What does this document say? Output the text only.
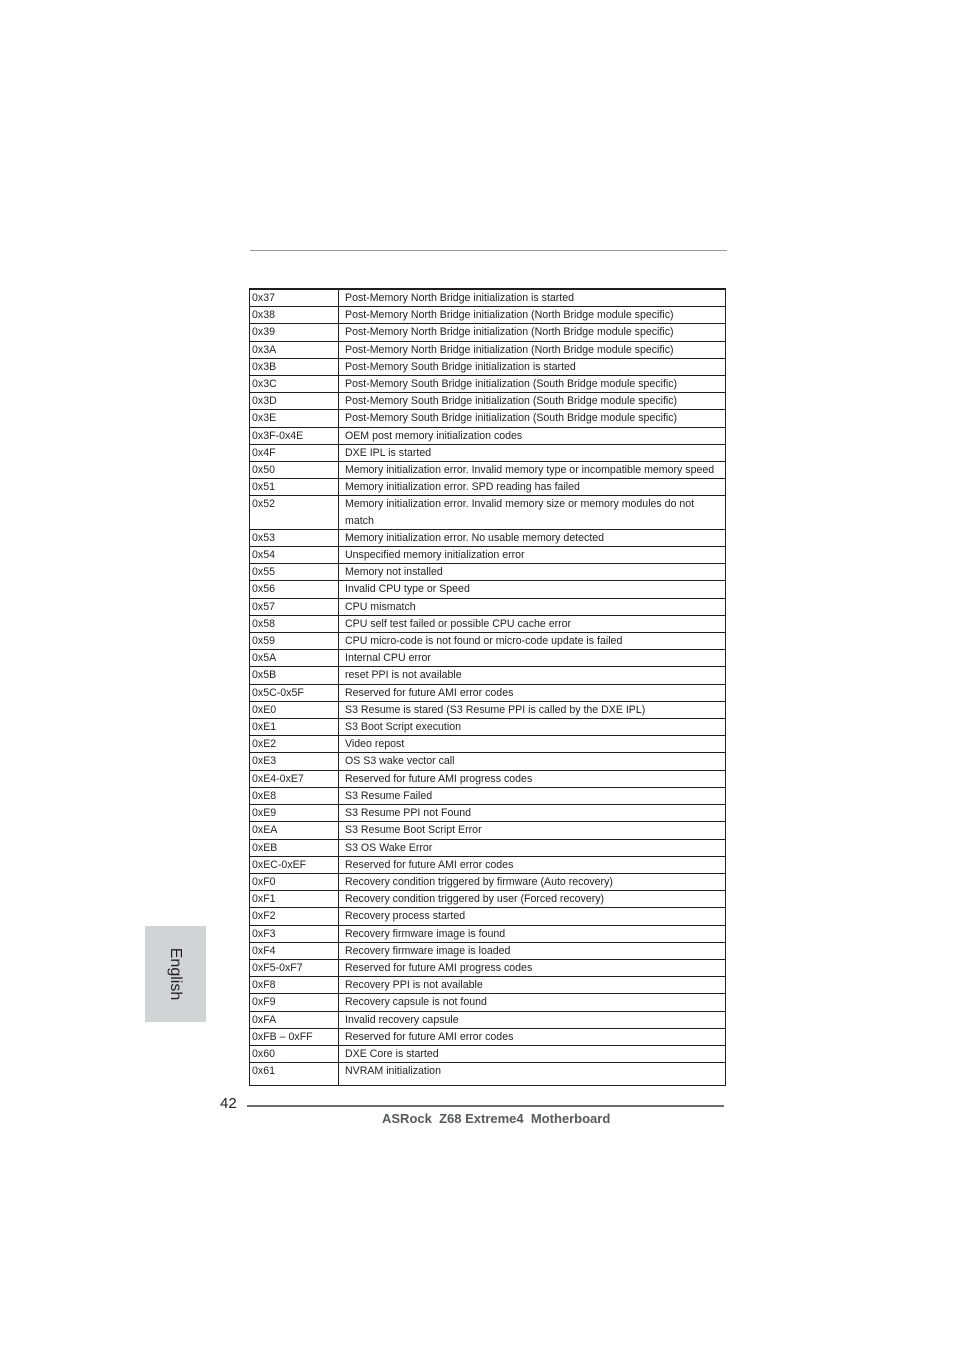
0x37	Post-Memory North Bridge initialization is started
0x38	Post-Memory North Bridge initialization (North Bridge module specific)
0x39	Post-Memory North Bridge initialization (North Bridge module specific)
0x3A	Post-Memory North Bridge initialization (North Bridge module specific)
0x3B	Post-Memory South Bridge initialization is started
0x3C	Post-Memory South Bridge initialization (South Bridge module specific)
0x3D	Post-Memory South Bridge initialization (South Bridge module specific)
0x3E	Post-Memory South Bridge initialization (South Bridge module specific)
0x3F-0x4E	OEM post memory initialization codes
0x4F	DXE IPL is started
0x50	Memory initialization error. Invalid memory type or incompatible memory speed
0x51	Memory initialization error. SPD reading has failed
0x52	Memory initialization error. Invalid memory size or memory modules do not match
0x53	Memory initialization error. No usable memory detected
0x54	Unspecified memory initialization error
0x55	Memory not installed
0x56	Invalid CPU type or Speed
0x57	CPU mismatch
0x58	CPU self test failed or possible CPU cache error
0x59	CPU micro-code is not found or micro-code update is failed
0x5A	Internal CPU error
0x5B	reset PPI is not available
0x5C-0x5F	Reserved for future AMI error codes
0xE0	S3 Resume is stared (S3 Resume PPI is called by the DXE IPL)
0xE1	S3 Boot Script execution
0xE2	Video repost
0xE3	OS S3 wake vector call
0xE4-0xE7	Reserved for future AMI progress codes
0xE8	S3 Resume Failed
0xE9	S3 Resume PPI not Found
0xEA	S3 Resume Boot Script Error
0xEB	S3 OS Wake Error
0xEC-0xEF	Reserved for future AMI error codes
0xF0	Recovery condition triggered by firmware (Auto recovery)
0xF1	Recovery condition triggered by user (Forced recovery)
0xF2	Recovery process started
0xF3	Recovery firmware image is found
0xF4	Recovery firmware image is loaded
0xF5-0xF7	Reserved for future AMI progress codes
0xF8	Recovery PPI is not available
0xF9	Recovery capsule is not found
0xFA	Invalid recovery capsule
0xFB – 0xFF	Reserved for future AMI error codes
0x60	DXE Core is started
0x61	NVRAM initialization
English
42
ASRock  Z68 Extreme4  Motherboard
